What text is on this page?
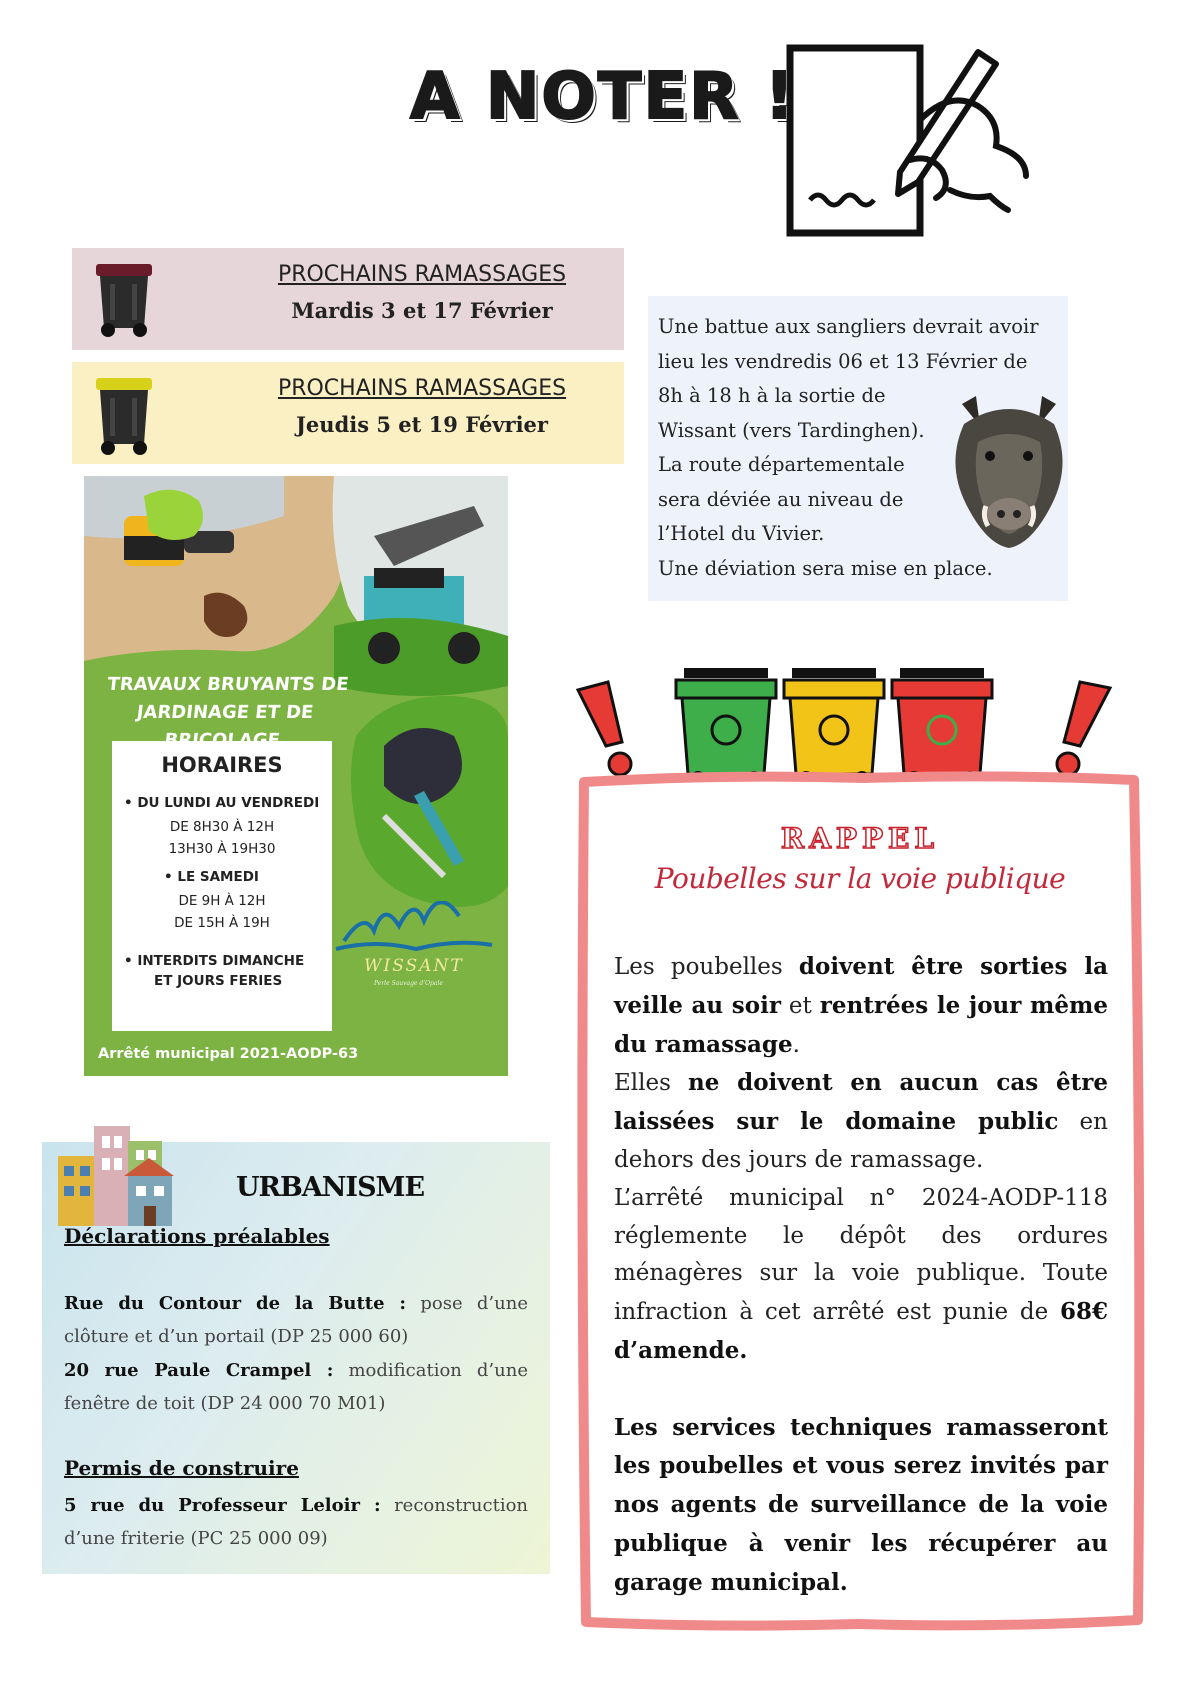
A NOTER !
PROCHAINS RAMASSAGES
Mardis 3 et 17 Février
PROCHAINS RAMASSAGES
Jeudis 5 et 19 Février
Une battue aux sangliers devrait avoir
lieu les vendredis 06 et 13 Février de
8h à 18 h à la sortie de
Wissant (vers Tardinghen).
La route départementale
sera déviée au niveau de
l’Hotel du Vivier.
Une déviation sera mise en place.
TRAVAUX BRUYANTS DE
JARDINAGE ET DE
HORAIRES
• DU LUNDI AU VENDREDI
DE 8H30 À 12H
13H30 À 19H30
• LE SAMEDI
DE 9H À 12H
DE 15H À 19H
• INTERDITS DIMANCHE
ET JOURS FERIES
WISSANT
Perle Sauvage d’Opale
Arrêté municipal 2021-AODP-63
URBANISME
Déclarations préalables
Rue du Contour de la Butte : pose d’une clôture et d’un portail (DP 25 000 60)
20 rue Paule Crampel : modification d’une fenêtre de toit (DP 24 000 70 M01)
Permis de construire
5 rue du Professeur Leloir : reconstruction d’une friterie (PC 25 000 09)
RAPPEL
Poubelles sur la voie publique

Les poubelles doivent être sorties la veille au soir et rentrées le jour même du ramassage.

Elles ne doivent en aucun cas être laissées sur le domaine public en dehors des jours de ramassage.

L’arrêté municipal n° 2024-AODP-118 réglemente le dépôt des ordures ménagères sur la voie publique. Toute infraction à cet arrêté est punie de 68€ d’amende.

Les services techniques ramasseront les poubelles et vous serez invités par nos agents de surveillance de la voie publique à venir les récupérer au garage municipal.
